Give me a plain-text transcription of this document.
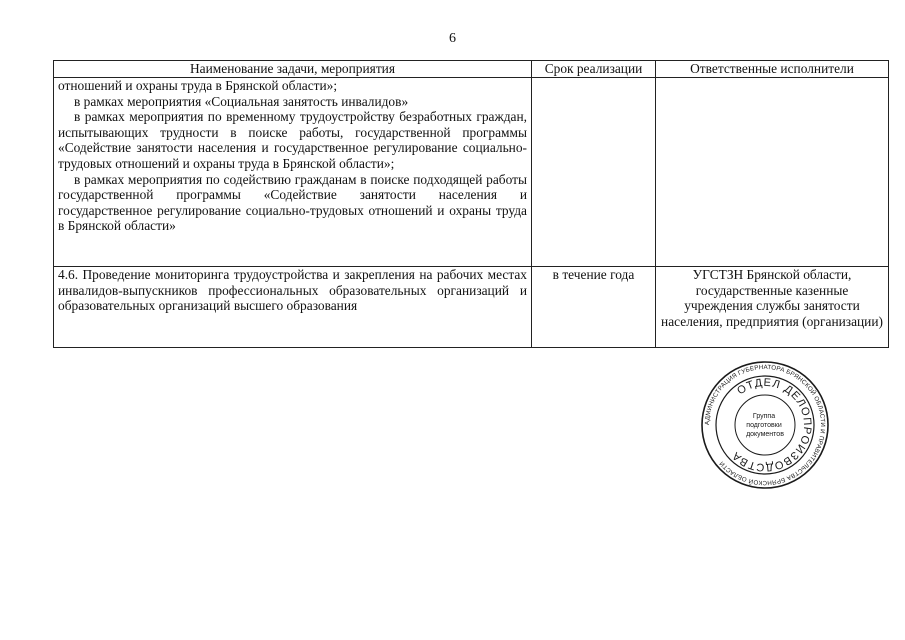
6
Наименование задачи, мероприятия	Срок реализации	Ответственные исполнители

отношений и охраны труда в Брянской области»;

в рамках мероприятия «Социальная занятость инвалидов»

в рамках мероприятия по временному трудоустройству безработных граждан, испытывающих трудности в поиске работы, государственной программы «Содействие занятости населения и государственное регулирование социально-трудовых отношений и охраны труда в Брянской области»;

в рамках мероприятия по содействию гражданам в поиске подходящей работы государственной программы «Содействие занятости населения и государственное регулирование социально-трудовых отношений и охраны труда в Брянской области»		

4.6. Проведение мониторинга трудоустройства и закрепления на рабочих местах инвалидов-выпускников профессиональных образовательных организаций и образовательных организаций высшего образования	в течение года	УГСТЗН Брянской области, государственные казенные учреждения службы занятости населения, предприятия (организации)
АДМИНИСТРАЦИЯ ГУБЕРНАТОРА БРЯНСКОЙ ОБЛАСТИ И ПРАВИТЕЛЬСТВА БРЯНСКОЙ ОБЛАСТИ
ОТДЕЛ ДЕЛОПРОИЗВОДСТВА
Группа подготовки документов
